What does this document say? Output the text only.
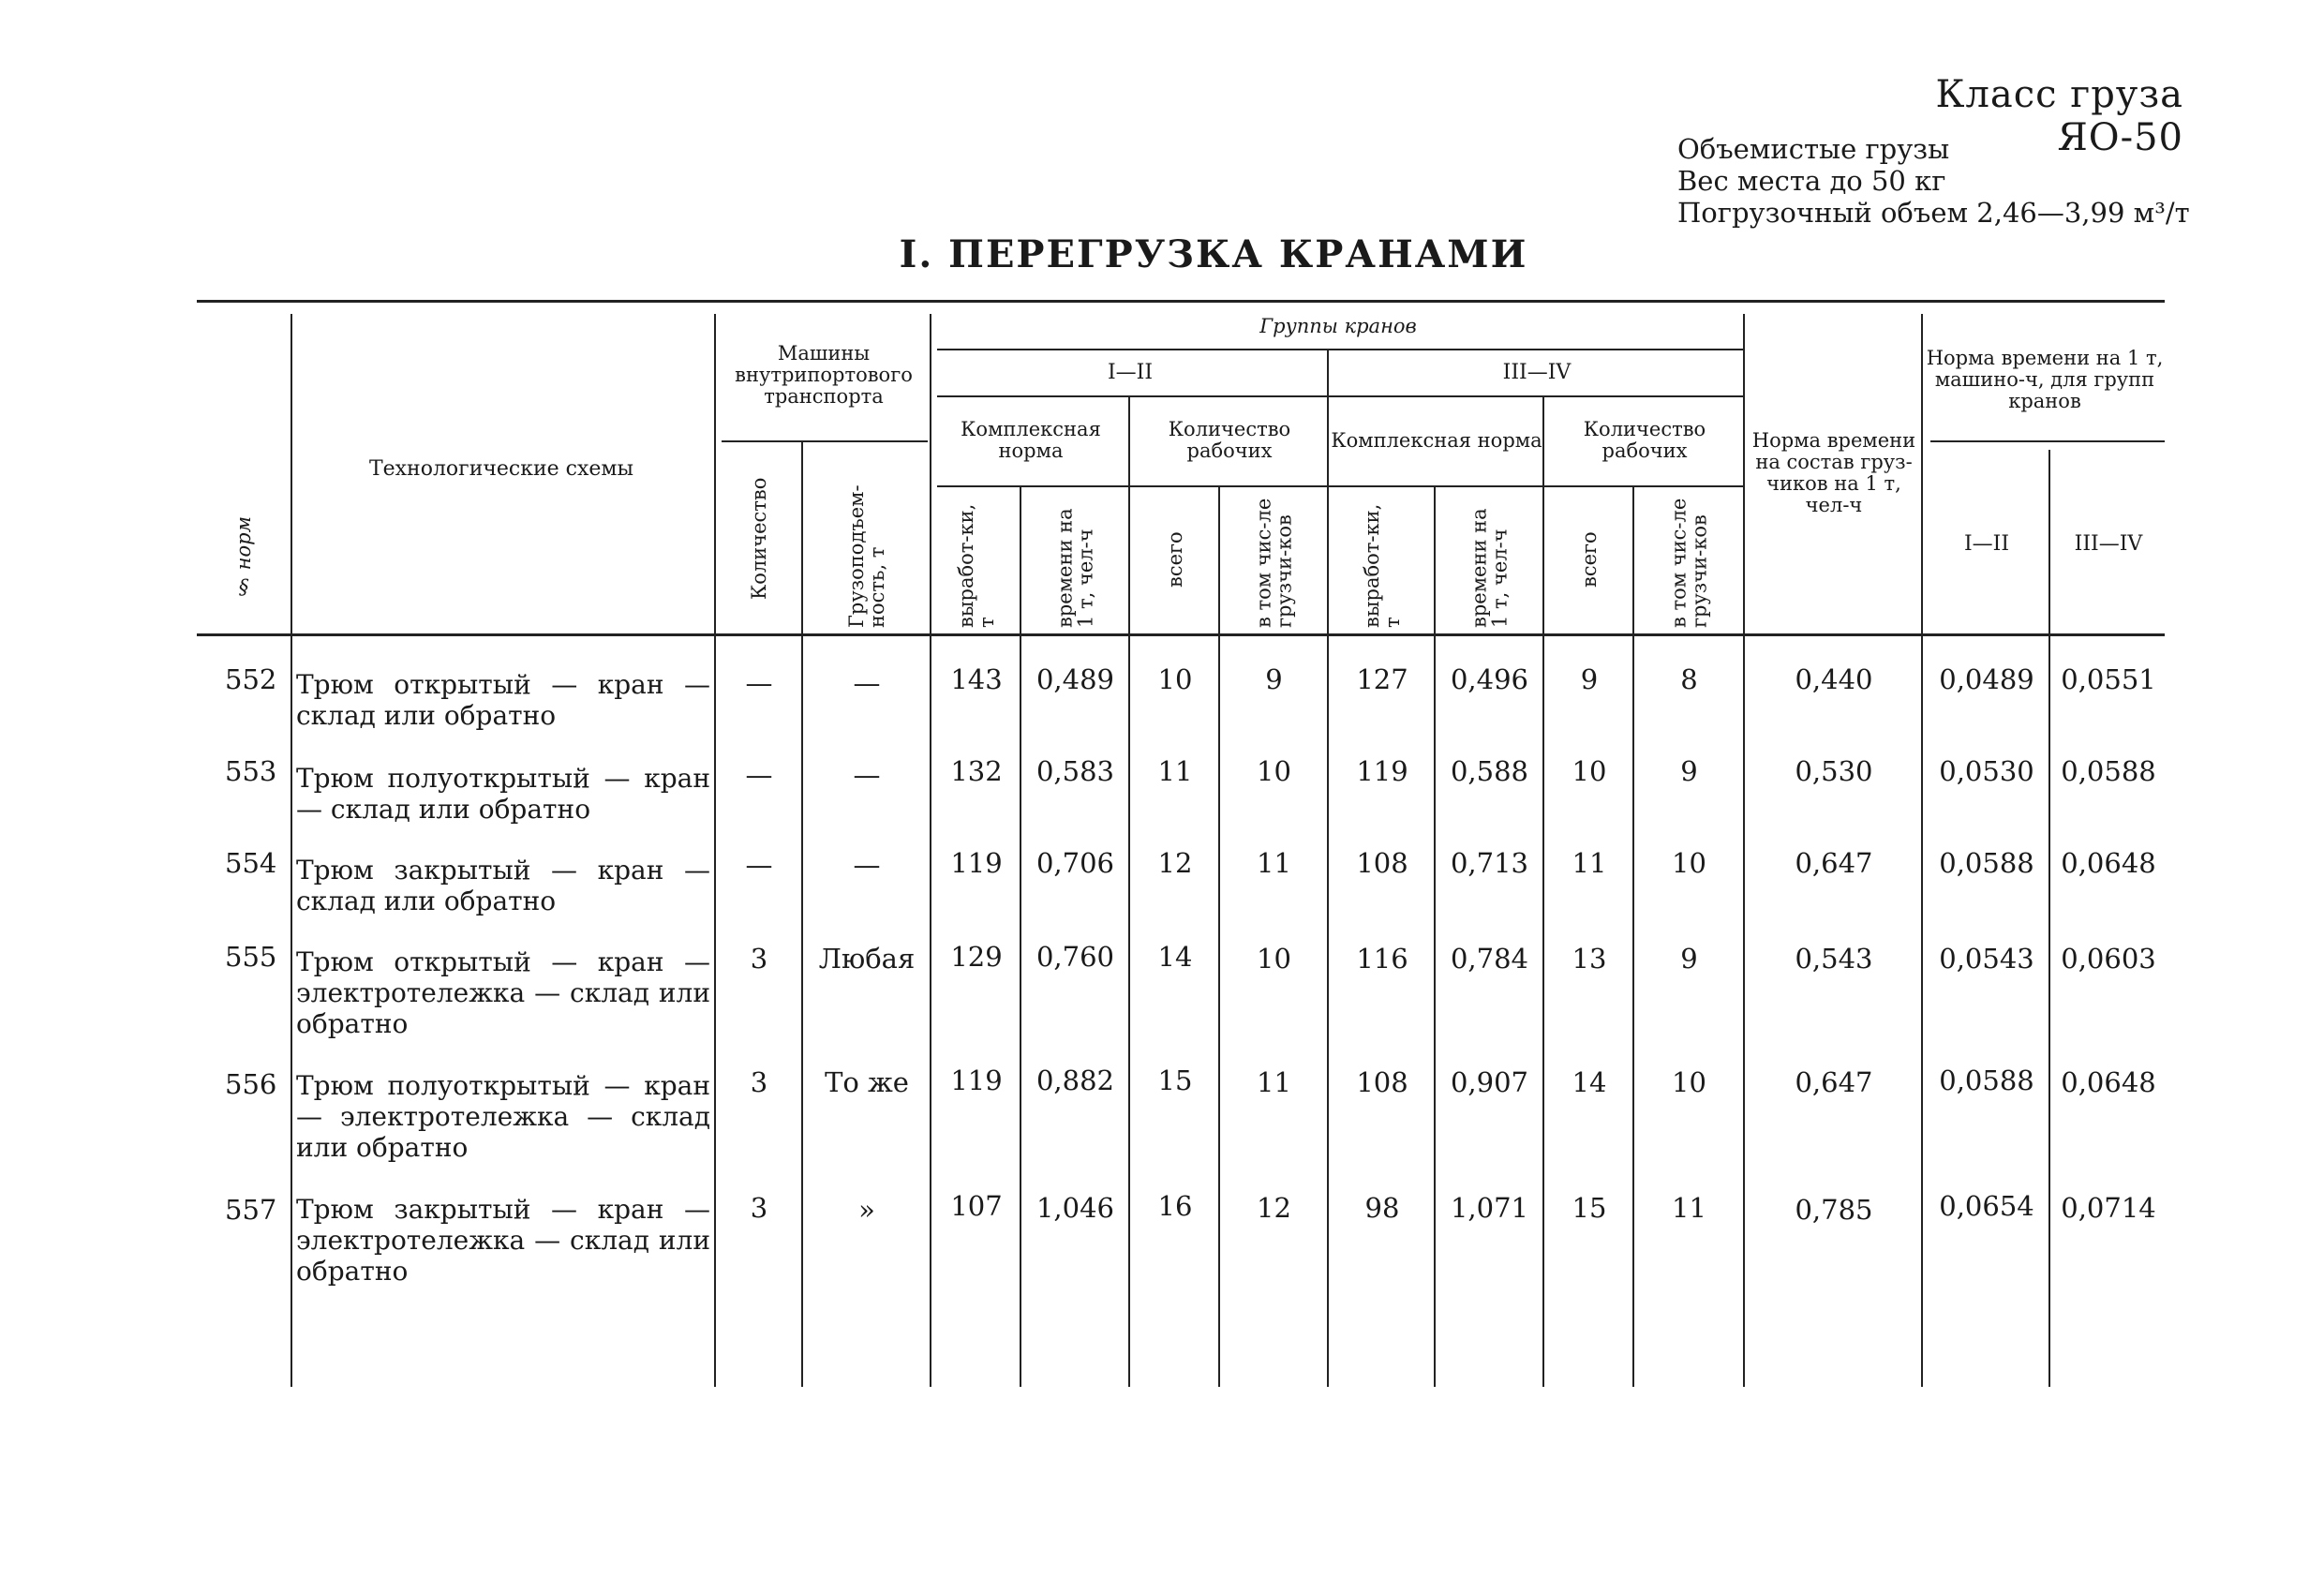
Класс груза ЯО-50
Объемистые грузы
Вес места до 50 кг
Погрузочный объем 2,46—3,99 м³/т
I. ПЕРЕГРУЗКА КРАНАМИ
§ норм
Технологические схемы
Машины внутрипортового транспорта
Количество	Грузоподъем-ность, т
Группы кранов
I—II	III—IV
Комплексная норма
Количество рабочих	Комплексная норма	Количество рабочих
выработ-ки, т	времени на 1 т, чел-ч	всего	в том чис-ле грузчи-ков	выработ-ки, т	времени на 1 т, чел-ч	всего	в том чис-ле грузчи-ков
Норма времени на состав груз-чиков на 1 т, чел-ч
Норма времени на 1 т, машино-ч, для групп кранов
I—II	III—IV
552 Трюм открытый — кран — склад или обратно
—	—	143	0,489	10	9	127	0,496	9	8	0,440	0,0489 0,0551
553 Трюм полуоткрытый — кран — склад или обратно
—	—	132	0,583	11	10	119	0,588	10	9	0,530	0,0530 0,0588
554 Трюм закрытый — кран — склад или обратно
—	—	119	0,706	12	11	108	0,713	11	10	0,647	0,0588 0,0648
555 Трюм открытый — кран — электротележка — склад или обратно
3	Любая	129	0,760	14	10	116	0,784	13	9	0,543	0,0543 0,0603
556 Трюм полуоткрытый — кран — электротележка — склад или обратно
3	То же	119	0,882	15	11	108	0,907	14	10	0,647	0,0588 0,0648
557 Трюм закрытый — кран — электротележка — склад или обратно
3	»	107	1,046	16	12	98	1,071	15	11	0,785	0,0654 0,0714
